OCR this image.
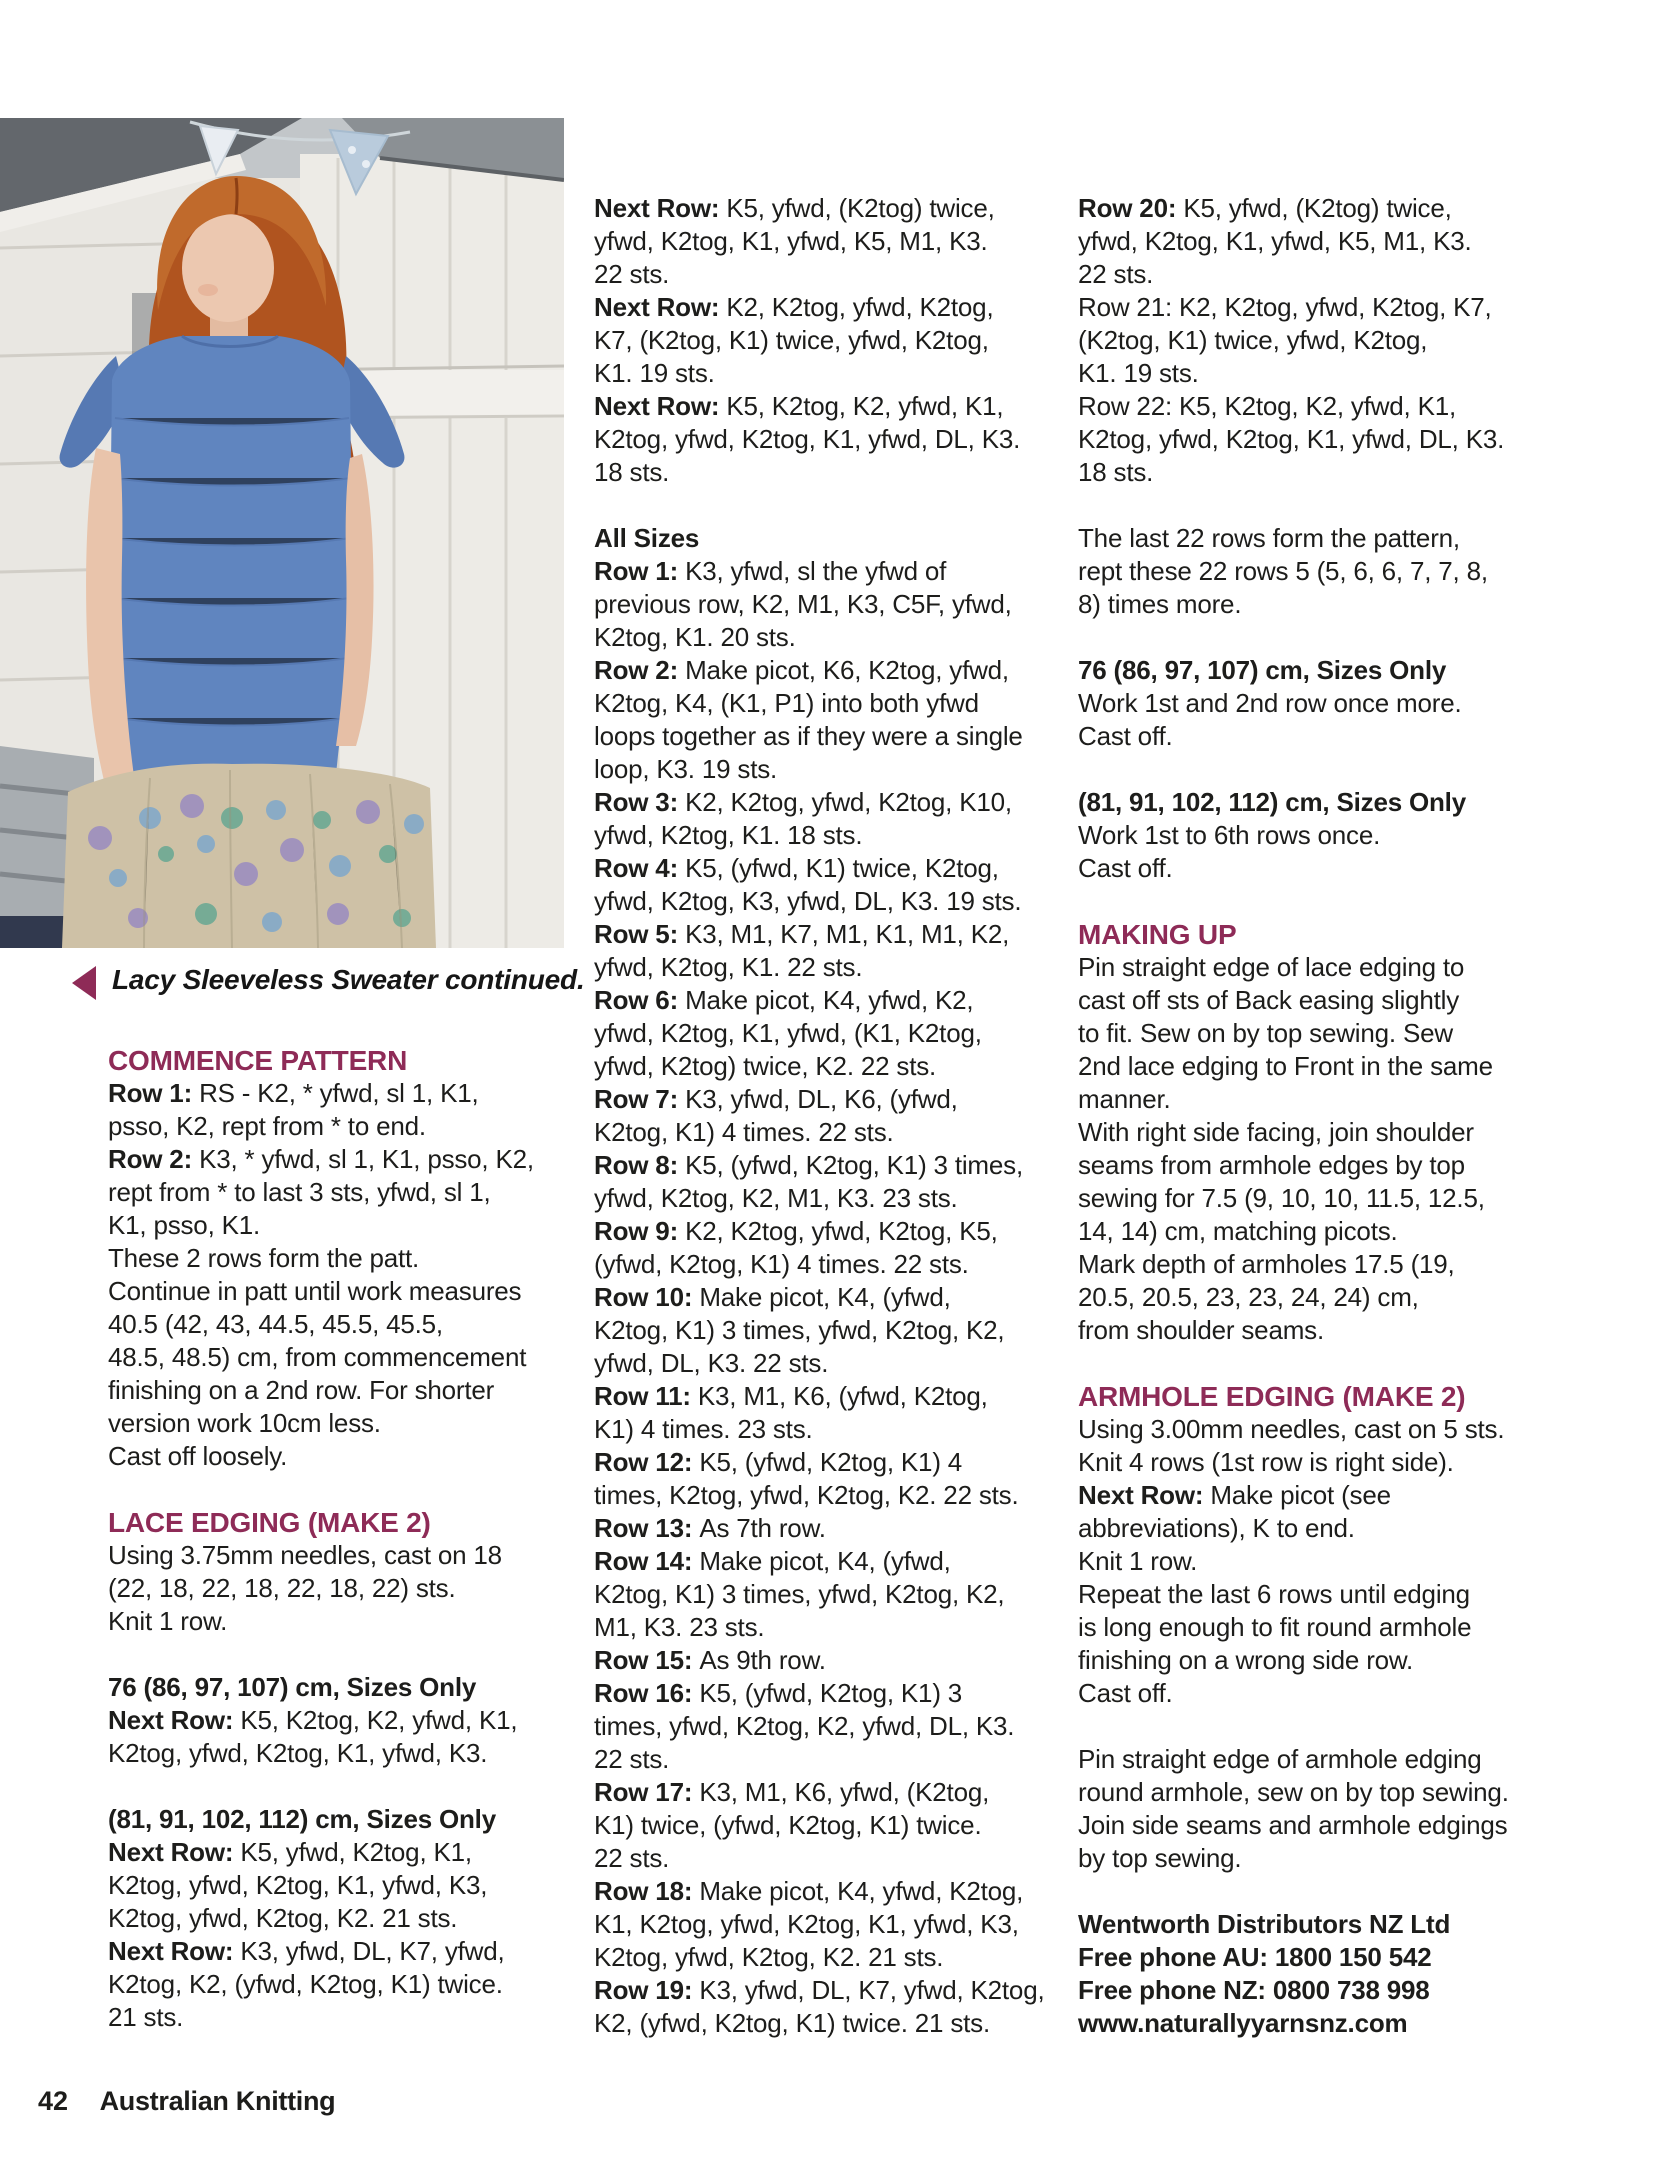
Lacy Sleeveless Sweater continued.
COMMENCE PATTERN
Row 1: RS - K2, * yfwd, sl 1, K1,
psso, K2, rept from * to end.
Row 2: K3, * yfwd, sl 1, K1, psso, K2,
rept from * to last 3 sts, yfwd, sl 1,
K1, psso, K1.
These 2 rows form the patt.
Continue in patt until work measures
40.5 (42, 43, 44.5, 45.5, 45.5,
48.5, 48.5) cm, from commencement
finishing on a 2nd row. For shorter
version work 10cm less.
Cast off loosely.
LACE EDGING (MAKE 2)
Using 3.75mm needles, cast on 18
(22, 18, 22, 18, 22, 18, 22) sts.
Knit 1 row.
76 (86, 97, 107) cm, Sizes Only
Next Row: K5, K2tog, K2, yfwd, K1,
K2tog, yfwd, K2tog, K1, yfwd, K3.
(81, 91, 102, 112) cm, Sizes Only
Next Row: K5, yfwd, K2tog, K1,
K2tog, yfwd, K2tog, K1, yfwd, K3,
K2tog, yfwd, K2tog, K2. 21 sts.
Next Row: K3, yfwd, DL, K7, yfwd,
K2tog, K2, (yfwd, K2tog, K1) twice.
21 sts.
Next Row: K5, yfwd, (K2tog) twice,
yfwd, K2tog, K1, yfwd, K5, M1, K3.
22 sts.
Next Row: K2, K2tog, yfwd, K2tog,
K7, (K2tog, K1) twice, yfwd, K2tog,
K1. 19 sts.
Next Row: K5, K2tog, K2, yfwd, K1,
K2tog, yfwd, K2tog, K1, yfwd, DL, K3.
18 sts.
All Sizes
Row 1: K3, yfwd, sl the yfwd of
previous row, K2, M1, K3, C5F, yfwd,
K2tog, K1. 20 sts.
Row 2: Make picot, K6, K2tog, yfwd,
K2tog, K4, (K1, P1) into both yfwd
loops together as if they were a single
loop, K3. 19 sts.
Row 3: K2, K2tog, yfwd, K2tog, K10,
yfwd, K2tog, K1. 18 sts.
Row 4: K5, (yfwd, K1) twice, K2tog,
yfwd, K2tog, K3, yfwd, DL, K3. 19 sts.
Row 5: K3, M1, K7, M1, K1, M1, K2,
yfwd, K2tog, K1. 22 sts.
Row 6: Make picot, K4, yfwd, K2,
yfwd, K2tog, K1, yfwd, (K1, K2tog,
yfwd, K2tog) twice, K2. 22 sts.
Row 7: K3, yfwd, DL, K6, (yfwd,
K2tog, K1) 4 times. 22 sts.
Row 8: K5, (yfwd, K2tog, K1) 3 times,
yfwd, K2tog, K2, M1, K3. 23 sts.
Row 9: K2, K2tog, yfwd, K2tog, K5,
(yfwd, K2tog, K1) 4 times. 22 sts.
Row 10: Make picot, K4, (yfwd,
K2tog, K1) 3 times, yfwd, K2tog, K2,
yfwd, DL, K3. 22 sts.
Row 11: K3, M1, K6, (yfwd, K2tog,
K1) 4 times. 23 sts.
Row 12: K5, (yfwd, K2tog, K1) 4
times, K2tog, yfwd, K2tog, K2. 22 sts.
Row 13: As 7th row.
Row 14: Make picot, K4, (yfwd,
K2tog, K1) 3 times, yfwd, K2tog, K2,
M1, K3. 23 sts.
Row 15: As 9th row.
Row 16: K5, (yfwd, K2tog, K1) 3
times, yfwd, K2tog, K2, yfwd, DL, K3.
22 sts.
Row 17: K3, M1, K6, yfwd, (K2tog,
K1) twice, (yfwd, K2tog, K1) twice.
22 sts.
Row 18: Make picot, K4, yfwd, K2tog,
K1, K2tog, yfwd, K2tog, K1, yfwd, K3,
K2tog, yfwd, K2tog, K2. 21 sts.
Row 19: K3, yfwd, DL, K7, yfwd, K2tog,
K2, (yfwd, K2tog, K1) twice. 21 sts.
Row 20: K5, yfwd, (K2tog) twice,
yfwd, K2tog, K1, yfwd, K5, M1, K3.
22 sts.
Row 21: K2, K2tog, yfwd, K2tog, K7,
(K2tog, K1) twice, yfwd, K2tog,
K1. 19 sts.
Row 22: K5, K2tog, K2, yfwd, K1,
K2tog, yfwd, K2tog, K1, yfwd, DL, K3.
18 sts.
The last 22 rows form the pattern,
rept these 22 rows 5 (5, 6, 6, 7, 7, 8,
8) times more.
76 (86, 97, 107) cm, Sizes Only
Work 1st and 2nd row once more.
Cast off.
(81, 91, 102, 112) cm, Sizes Only
Work 1st to 6th rows once.
Cast off.
MAKING UP
Pin straight edge of lace edging to
cast off sts of Back easing slightly
to fit. Sew on by top sewing. Sew
2nd lace edging to Front in the same
manner.
With right side facing, join shoulder
seams from armhole edges by top
sewing for 7.5 (9, 10, 10, 11.5, 12.5,
14, 14) cm, matching picots.
Mark depth of armholes 17.5 (19,
20.5, 20.5, 23, 23, 24, 24) cm,
from shoulder seams.
ARMHOLE EDGING (MAKE 2)
Using 3.00mm needles, cast on 5 sts.
Knit 4 rows (1st row is right side).
Next Row: Make picot (see
abbreviations), K to end.
Knit 1 row.
Repeat the last 6 rows until edging
is long enough to fit round armhole
finishing on a wrong side row.
Cast off.
Pin straight edge of armhole edging
round armhole, sew on by top sewing.
Join side seams and armhole edgings
by top sewing.
Wentworth Distributors NZ Ltd
Free phone AU: 1800 150 542
Free phone NZ: 0800 738 998
www.naturallyyarnsnz.com
42 Australian Knitting
